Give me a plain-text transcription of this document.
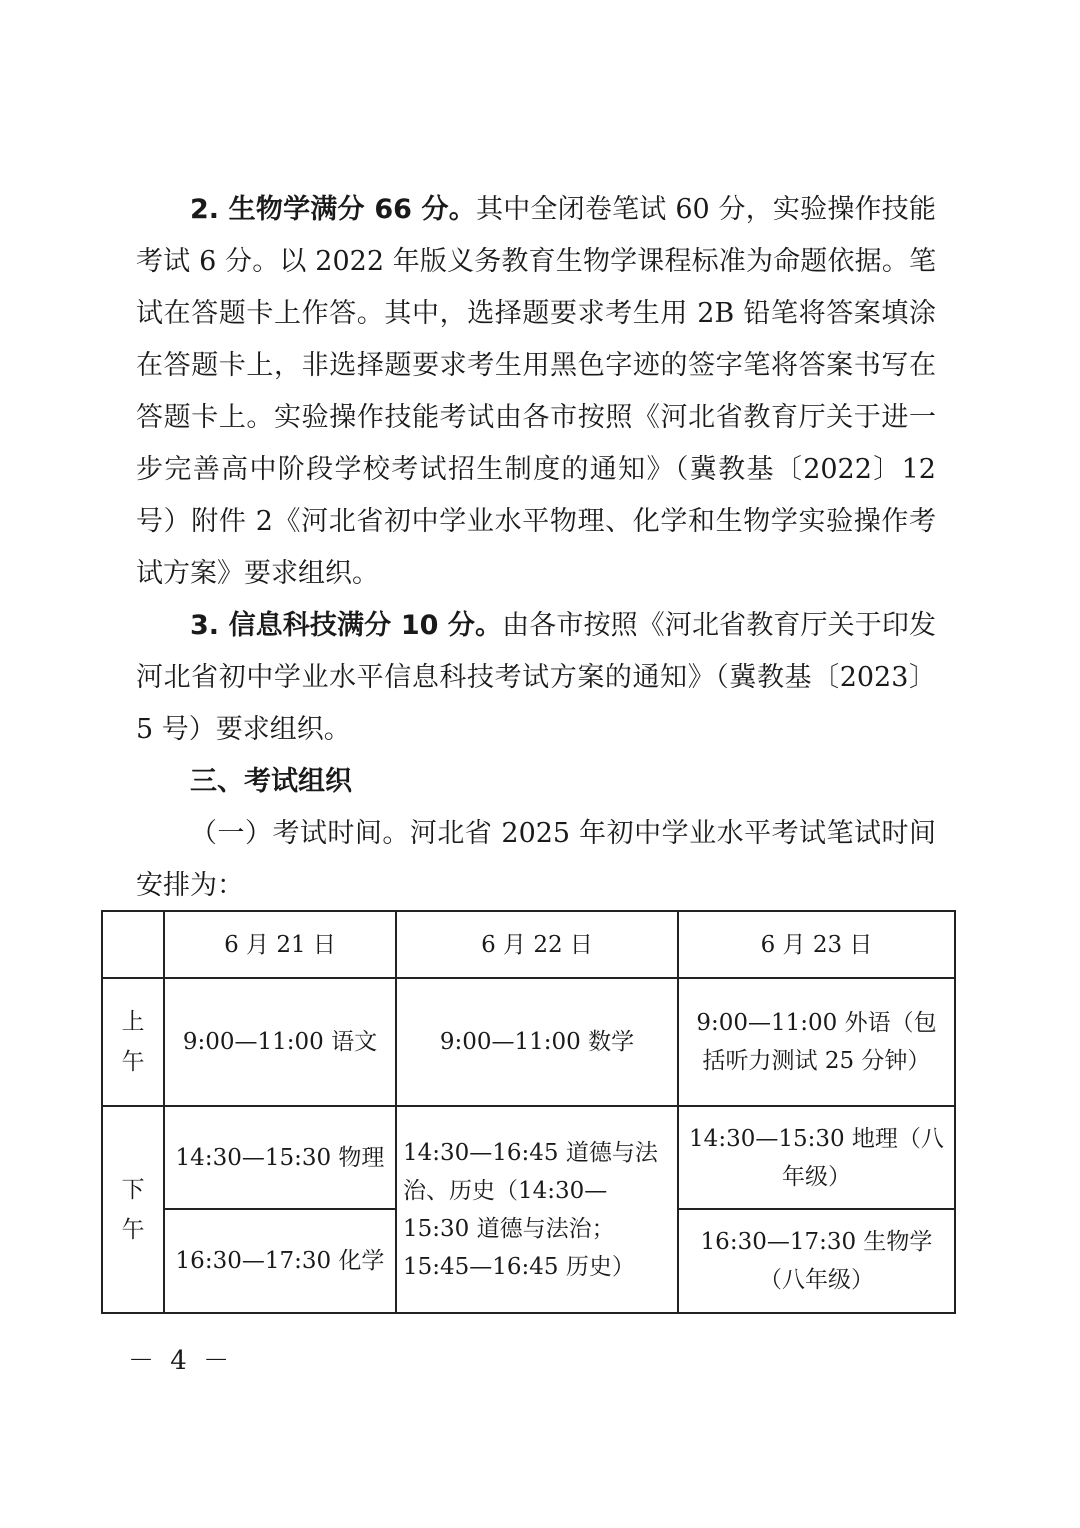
2. 生物学满分 66 分。其中全闭卷笔试 60 分，实验操作技能考试 6 分。以 2022 年版义务教育生物学课程标准为命题依据。笔试在答题卡上作答。其中，选择题要求考生用 2B 铅笔将答案填涂在答题卡上，非选择题要求考生用黑色字迹的签字笔将答案书写在答题卡上。实验操作技能考试由各市按照《河北省教育厅关于进一步完善高中阶段学校考试招生制度的通知》（冀教基〔2022〕12 号）附件 2《河北省初中学业水平物理、化学和生物学实验操作考试方案》要求组织。

3. 信息科技满分 10 分。由各市按照《河北省教育厅关于印发河北省初中学业水平信息科技考试方案的通知》（冀教基〔2023〕5 号）要求组织。

三、考试组织

（一）考试时间。河北省 2025 年初中学业水平考试笔试时间安排为：

	6 月 21 日	6 月 22 日	6 月 23 日
上
午	9:00—11:00 语文	9:00—11:00 数学	9:00—11:00 外语（包括听力测试 25 分钟）
下
午	14:30—15:30 物理	14:30—16:45 道德与法治、历史（14:30—15:30 道德与法治；15:45—16:45 历史）	14:30—15:30 地理（八年级）
	16:30—17:30 化学		16:30—17:30 生物学（八年级）
－ 4 －
